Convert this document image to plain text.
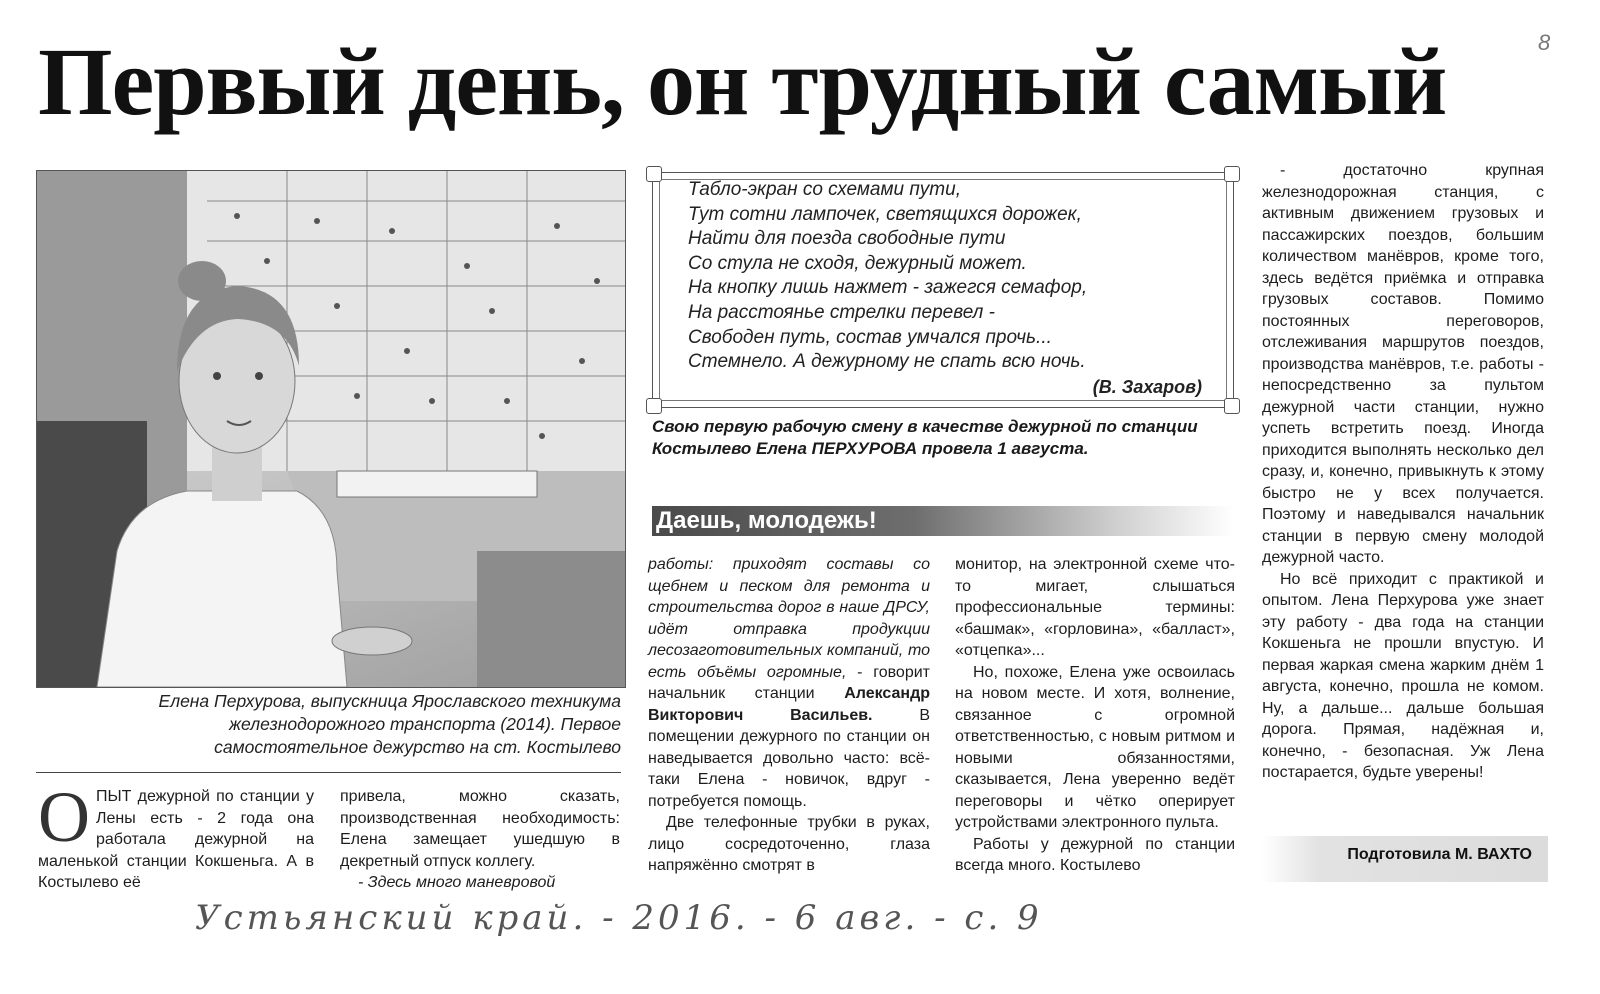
Первый день, он трудный самый	8
Елена Перхурова, выпускница Ярославского техникума
железнодорожного транспорта (2014). Первое
самостоятельное дежурство на ст. Костылево
Табло-экран со схемами пути,
Тут сотни лампочек, светящихся дорожек,
Найти для поезда свободные пути
Со стула не сходя, дежурный может.
На кнопку лишь нажмет - зажегся семафор,
На расстоянье стрелки перевел -
Свободен путь, состав умчался прочь...
Стемнело. А дежурному не спать всю ночь.
(В. Захаров)
Свою первую рабочую смену в качестве дежурной по станции Костылево Елена ПЕРХУРОВА провела 1 августа.
Даешь, молодежь!

ОПЫТ дежурной по станции у Лены есть - 2 года она работала дежурной на маленькой станции Кокшеньга. А в Костылево её

привела, можно сказать, производственная необходимость: Елена замещает ушедшую в декретный отпуск коллегу.

- Здесь много маневровой

работы: приходят составы со щебнем и песком для ремонта и строительства дорог в наше ДРСУ, идёт отправка продукции лесозаготовительных компаний, то есть объёмы огромные, - говорит начальник станции Александр Викторович Васильев. В помещении дежурного по станции он наведывается довольно часто: всё-таки Елена - новичок, вдруг - потребуется помощь.

Две телефонные трубки в руках, лицо сосредоточенно, глаза напряжённо смотрят в

монитор, на электронной схеме что-то мигает, слышаться профессиональные термины: «башмак», «горловина», «балласт», «отцепка»...

Но, похоже, Елена уже освоилась на новом месте. И хотя, волнение, связанное с огромной ответственностью, с новым ритмом и новыми обязанностями, сказывается, Лена уверенно ведёт переговоры и чётко оперирует устройствами электронного пульта.

Работы у дежурной по станции всегда много. Костылево

- достаточно крупная железнодорожная станция, с активным движением грузовых и пассажирских поездов, большим количеством манёвров, кроме того, здесь ведётся приёмка и отправка грузовых составов. Помимо постоянных переговоров, отслеживания маршрутов поездов, производства манёвров, т.е. работы - непосредственно за пультом дежурной части станции, нужно успеть встретить поезд. Иногда приходится выполнять несколько дел сразу, и, конечно, привыкнуть к этому быстро не у всех получается. Поэтому и наведывался начальник станции в первую смену молодой дежурной часто.

Но всё приходит с практикой и опытом. Лена Перхурова уже знает эту работу - два года на станции Кокшеньга не прошли впустую. И первая жаркая смена жарким днём 1 августа, конечно, прошла не комом. Ну, а дальше... дальше большая дорога. Прямая, надёжная и, конечно, - безопасная. Уж Лена постарается, будьте уверены!

Подготовила М. ВАХТО
Устьянский край. - 2016. - 6 авг. - с. 9
